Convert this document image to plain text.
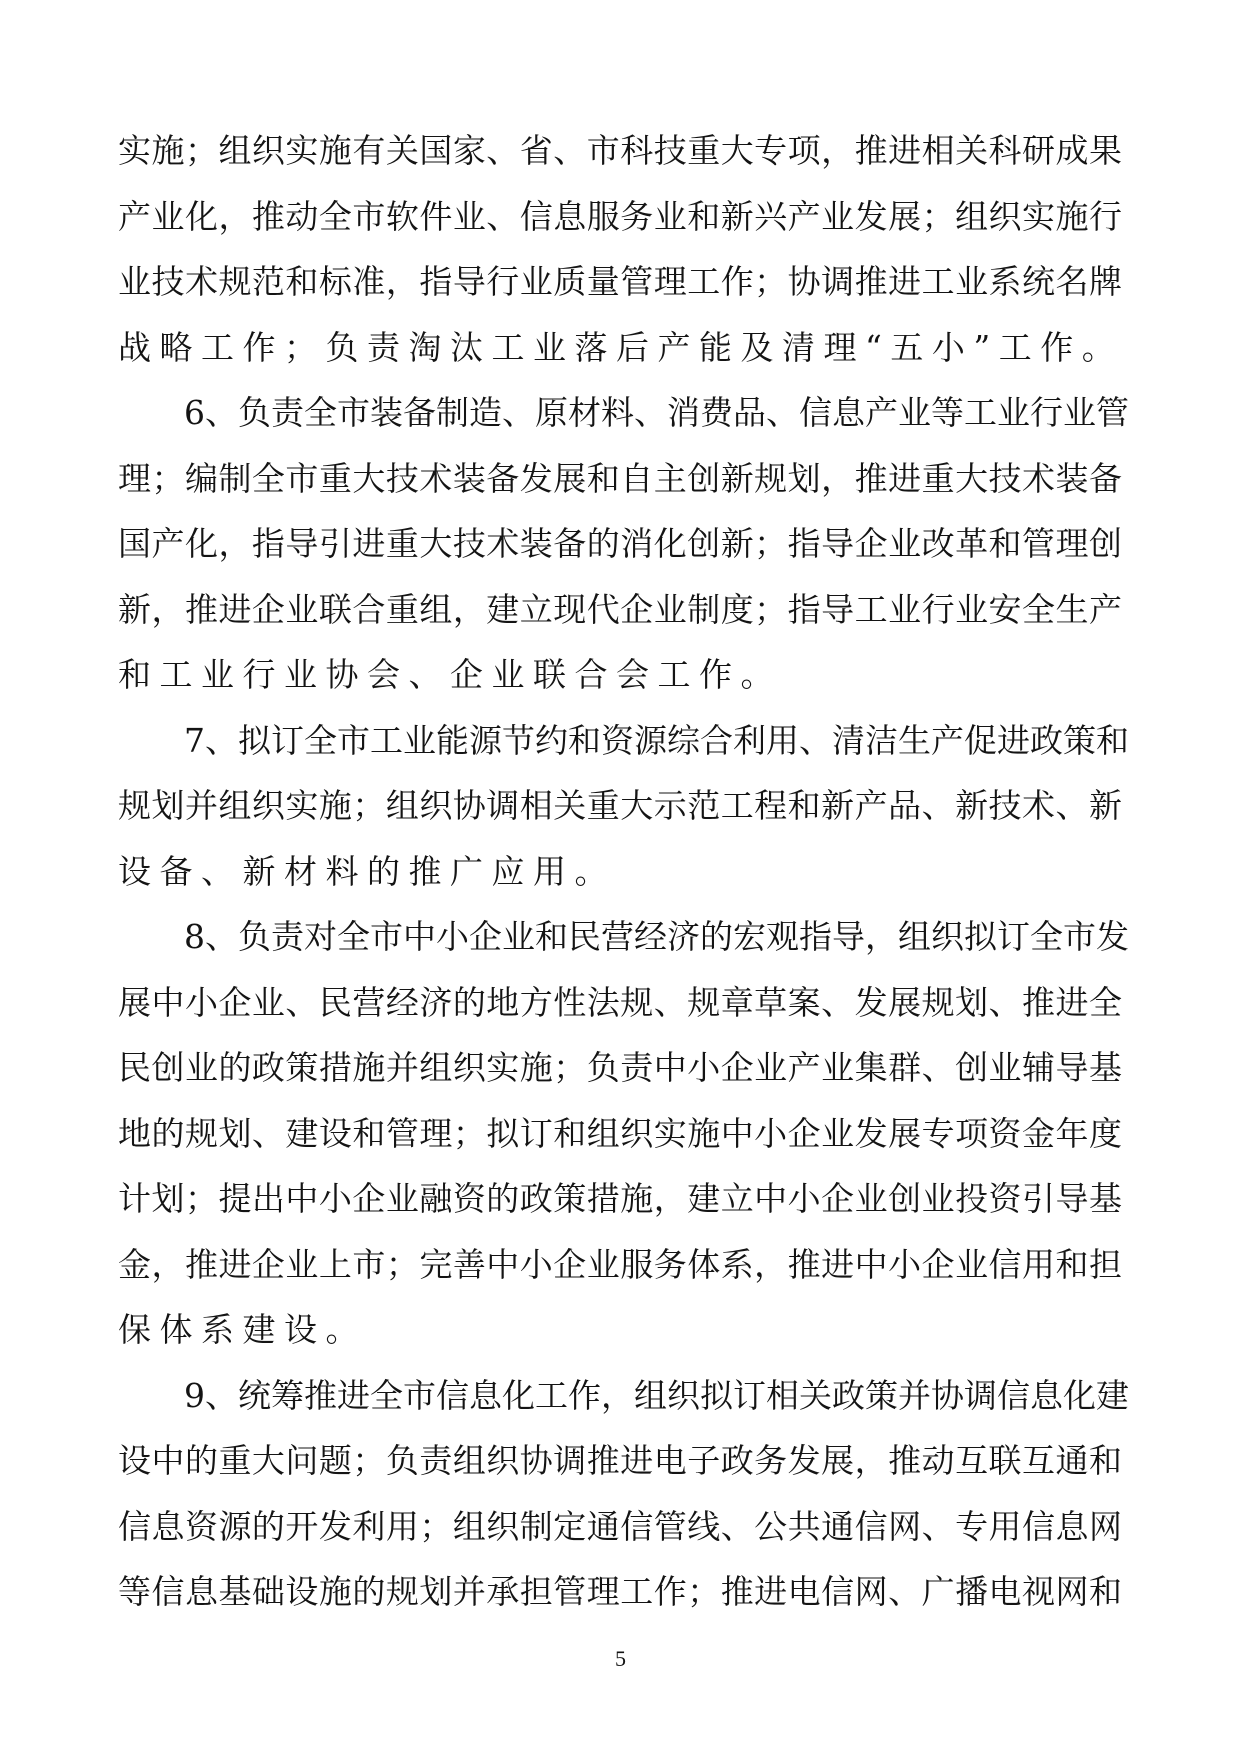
实施；组织实施有关国家、省、市科技重大专项，推进相关科研成果
产业化，推动全市软件业、信息服务业和新兴产业发展；组织实施行
业技术规范和标准，指导行业质量管理工作；协调推进工业系统名牌
战略工作；负责淘汰工业落后产能及清理“五小”工作。
6、负责全市装备制造、原材料、消费品、信息产业等工业行业管
理；编制全市重大技术装备发展和自主创新规划，推进重大技术装备
国产化，指导引进重大技术装备的消化创新；指导企业改革和管理创
新，推进企业联合重组，建立现代企业制度；指导工业行业安全生产
和工业行业协会、企业联合会工作。
7、拟订全市工业能源节约和资源综合利用、清洁生产促进政策和
规划并组织实施；组织协调相关重大示范工程和新产品、新技术、新
设备、新材料的推广应用。
8、负责对全市中小企业和民营经济的宏观指导，组织拟订全市发
展中小企业、民营经济的地方性法规、规章草案、发展规划、推进全
民创业的政策措施并组织实施；负责中小企业产业集群、创业辅导基
地的规划、建设和管理；拟订和组织实施中小企业发展专项资金年度
计划；提出中小企业融资的政策措施，建立中小企业创业投资引导基
金，推进企业上市；完善中小企业服务体系，推进中小企业信用和担
保体系建设。
9、统筹推进全市信息化工作，组织拟订相关政策并协调信息化建
设中的重大问题；负责组织协调推进电子政务发展，推动互联互通和
信息资源的开发利用；组织制定通信管线、公共通信网、专用信息网
等信息基础设施的规划并承担管理工作；推进电信网、广播电视网和
5
